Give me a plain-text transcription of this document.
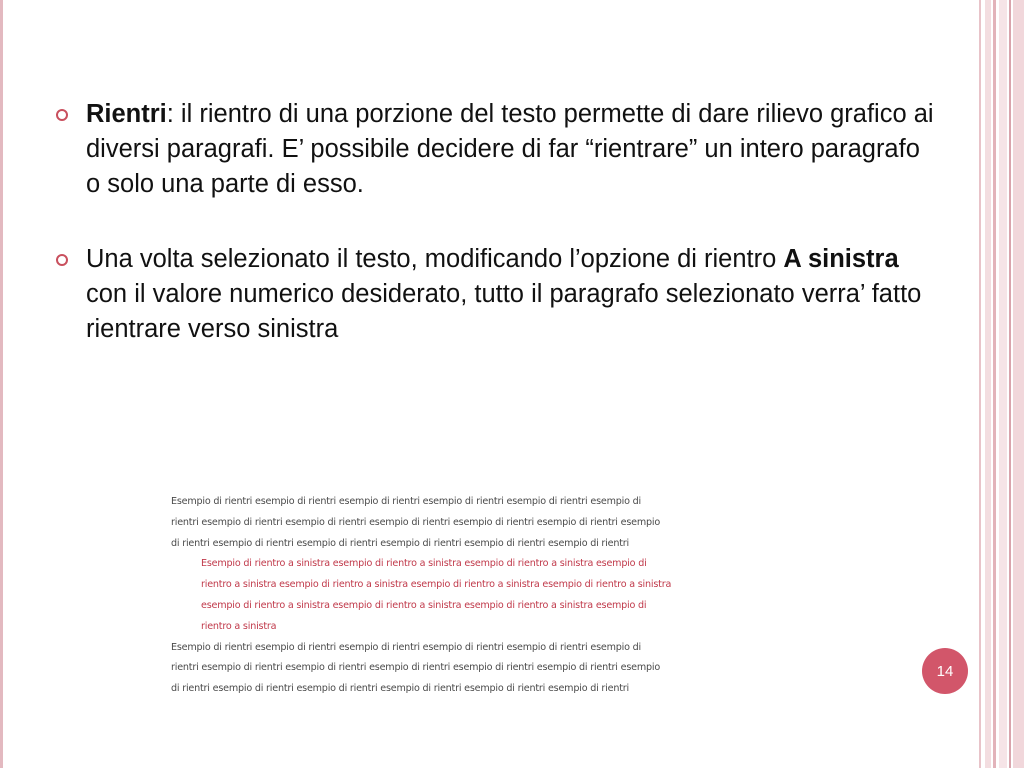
Rientri: il rientro di una porzione del testo permette di dare rilievo grafico ai diversi paragrafi. E’ possibile decidere di far “rientrare” un intero paragrafo o solo una parte di esso.
Una volta selezionato il testo, modificando l’opzione di rientro A sinistra con il valore numerico desiderato, tutto il paragrafo selezionato verra’ fatto rientrare verso sinistra
Esempio di rientri esempio di rientri esempio di rientri esempio di rientri esempio di rientri esempio di
rientri esempio di rientri esempio di rientri esempio di rientri esempio di rientri esempio di rientri esempio
di rientri esempio di rientri esempio di rientri esempio di rientri esempio di rientri esempio di rientri
Esempio di rientro a sinistra esempio di rientro a sinistra esempio di rientro a sinistra esempio di
rientro a sinistra esempio di rientro a sinistra esempio di rientro a sinistra esempio di rientro a sinistra
esempio di rientro a sinistra esempio di rientro a sinistra esempio di rientro a sinistra esempio di
rientro a sinistra
Esempio di rientri esempio di rientri esempio di rientri esempio di rientri esempio di rientri esempio di
rientri esempio di rientri esempio di rientri esempio di rientri esempio di rientri esempio di rientri esempio
di rientri esempio di rientri esempio di rientri esempio di rientri esempio di rientri esempio di rientri
14
